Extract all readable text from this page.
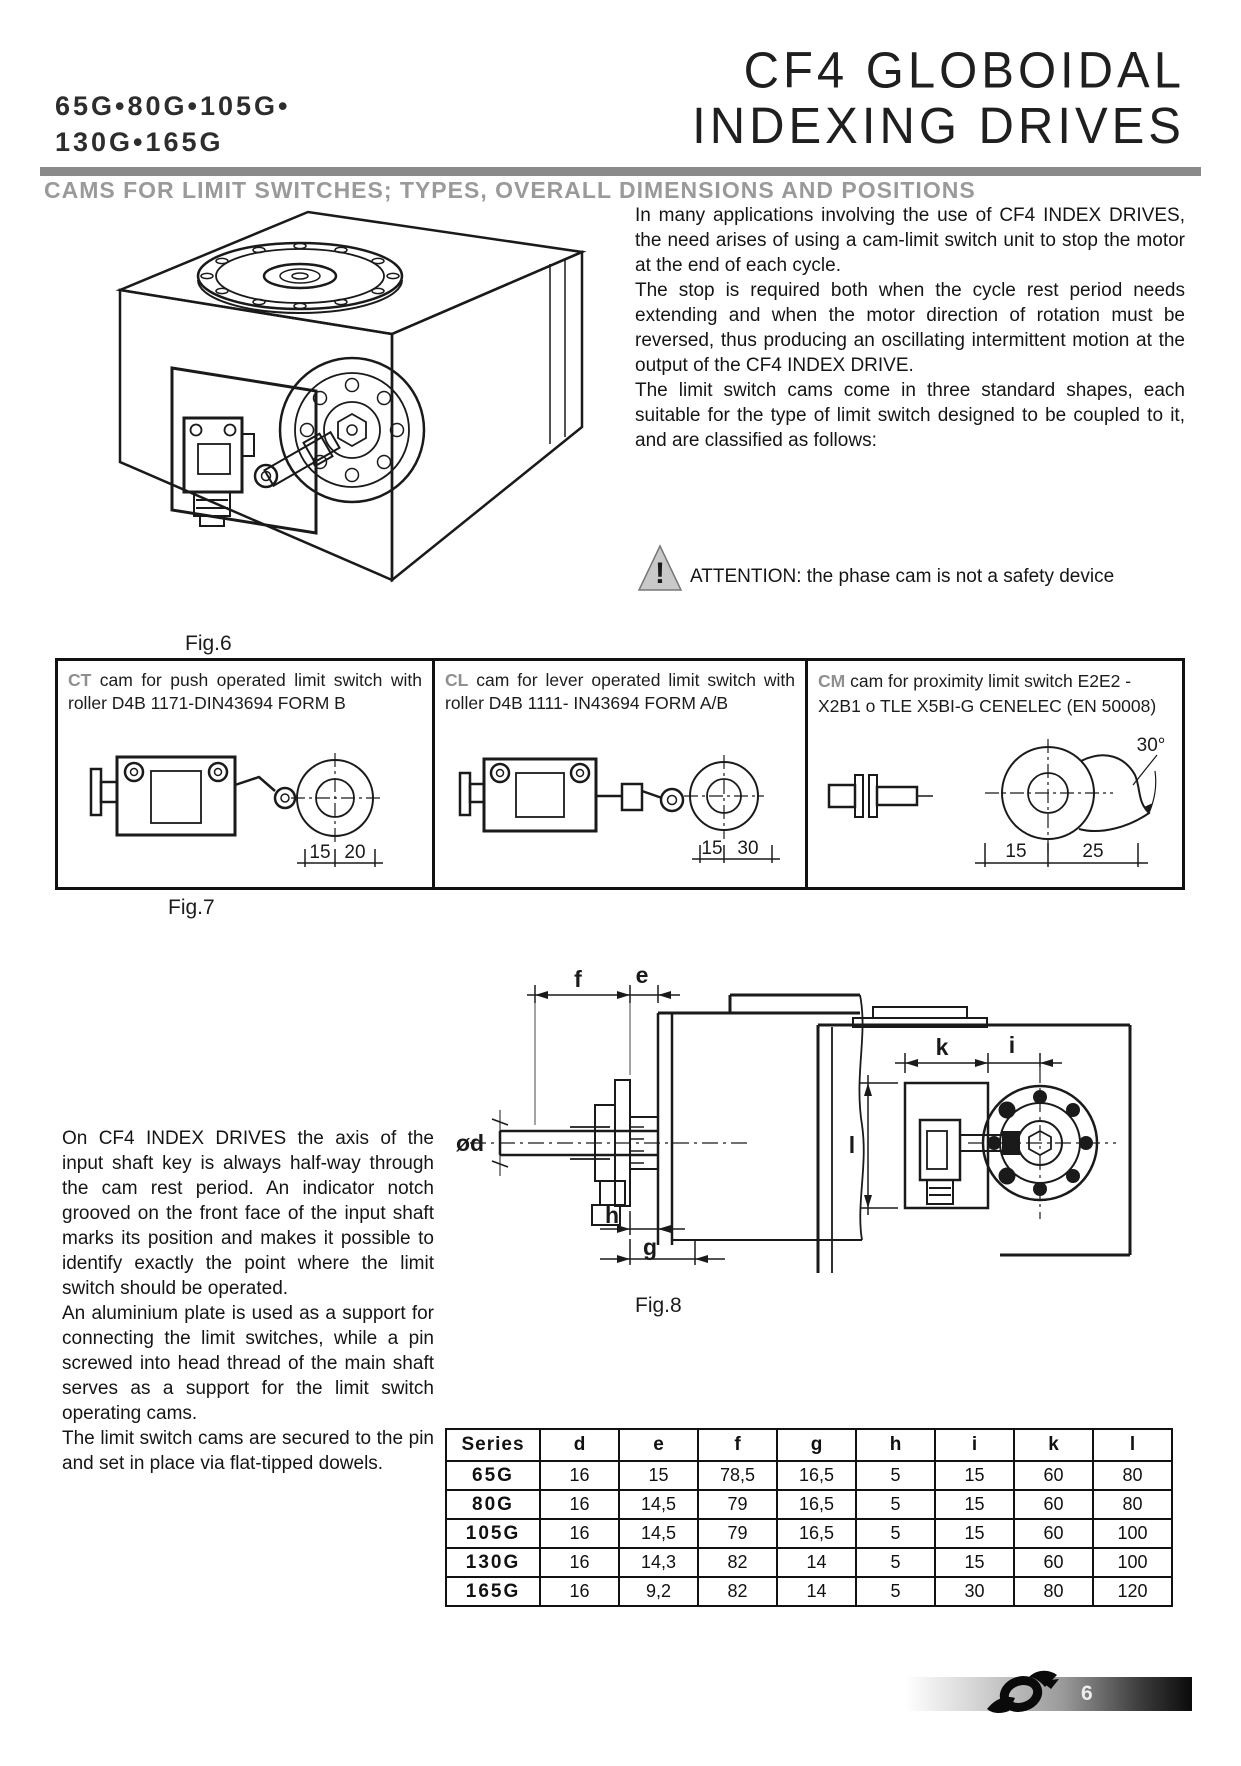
65G•80G•105G•
130G•165G
CF4 GLOBOIDAL
INDEXING DRIVES
CAMS FOR LIMIT SWITCHES; TYPES, OVERALL DIMENSIONS AND POSITIONS
Fig.6

In many applications involving the use of CF4 INDEX DRIVES, the need arises of using a cam-limit switch unit to stop the motor at the end of each cycle.

The stop is required both when the cycle rest period needs extending and when the motor direction of rotation must be reversed, thus producing an oscillating intermittent motion at the output of the CF4 INDEX DRIVE.

The limit switch cams come in three standard shapes, each suitable for the type of limit switch designed to be coupled to it, and are classified as follows:

! ATTENTION: the phase cam is not a safety device
CT cam for push operated limit switch with roller D4B 1171-DIN43694 FORM B
15 20
CL cam for lever operated limit switch with roller D4B 1111- IN43694 FORM A/B
15 30
CM cam for proximity limit switch E2E2 - X2B1 o TLE X5BI-G CENELEC (EN 50008)
15	25
30°
Fig.7

On CF4 INDEX DRIVES the axis of the input shaft key is always half-way through the cam rest period. An indicator notch grooved on the front face of the input shaft marks its position and makes it possible to identify exactly the point where the limit switch should be operated.

An aluminium plate is used as a support for connecting the limit switches, while a pin screwed into head thread of the main shaft serves as a support for the limit switch operating cams.

The limit switch cams are secured to the pin and set in place via flat-tipped dowels.

f e
ød
h
g
k	i
l
Fig.8
Series	d	e	f	g	h	i	k	l
65G	16	15	78,5	16,5	5	15	60	80
80G	16	14,5	79	16,5	5	15	60	80
105G	16	14,5	79	16,5	5	15	60	100
130G	16	14,3	82	14	5	15	60	100
165G	16	9,2	82	14	5	30	80	120
6
